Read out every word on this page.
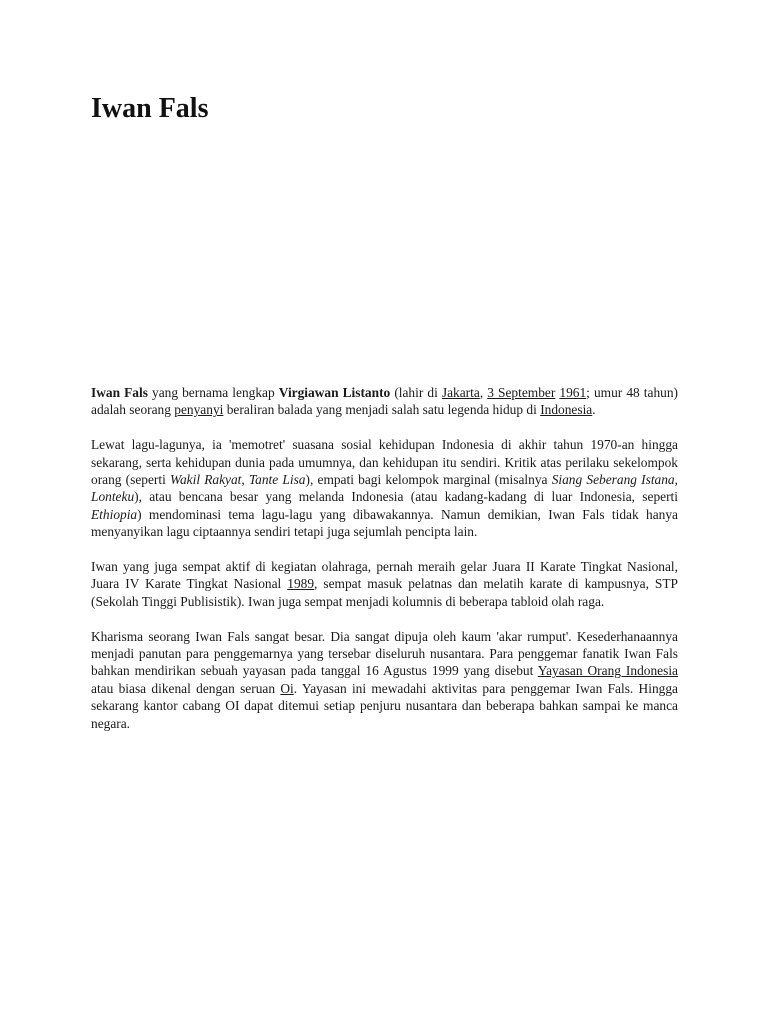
Iwan Fals

Iwan Fals yang bernama lengkap Virgiawan Listanto (lahir di Jakarta, 3 September 1961; umur 48 tahun) adalah seorang penyanyi beraliran balada yang menjadi salah satu legenda hidup di Indonesia.

Lewat lagu-lagunya, ia 'memotret' suasana sosial kehidupan Indonesia di akhir tahun 1970-an hingga sekarang, serta kehidupan dunia pada umumnya, dan kehidupan itu sendiri. Kritik atas perilaku sekelompok orang (seperti Wakil Rakyat, Tante Lisa), empati bagi kelompok marginal (misalnya Siang Seberang Istana, Lonteku), atau bencana besar yang melanda Indonesia (atau kadang-kadang di luar Indonesia, seperti Ethiopia) mendominasi tema lagu-lagu yang dibawakannya. Namun demikian, Iwan Fals tidak hanya menyanyikan lagu ciptaannya sendiri tetapi juga sejumlah pencipta lain.

Iwan yang juga sempat aktif di kegiatan olahraga, pernah meraih gelar Juara II Karate Tingkat Nasional, Juara IV Karate Tingkat Nasional 1989, sempat masuk pelatnas dan melatih karate di kampusnya, STP (Sekolah Tinggi Publisistik). Iwan juga sempat menjadi kolumnis di beberapa tabloid olah raga.

Kharisma seorang Iwan Fals sangat besar. Dia sangat dipuja oleh kaum 'akar rumput'. Kesederhanaannya menjadi panutan para penggemarnya yang tersebar diseluruh nusantara. Para penggemar fanatik Iwan Fals bahkan mendirikan sebuah yayasan pada tanggal 16 Agustus 1999 yang disebut Yayasan Orang Indonesia atau biasa dikenal dengan seruan Oi. Yayasan ini mewadahi aktivitas para penggemar Iwan Fals. Hingga sekarang kantor cabang OI dapat ditemui setiap penjuru nusantara dan beberapa bahkan sampai ke manca negara.
